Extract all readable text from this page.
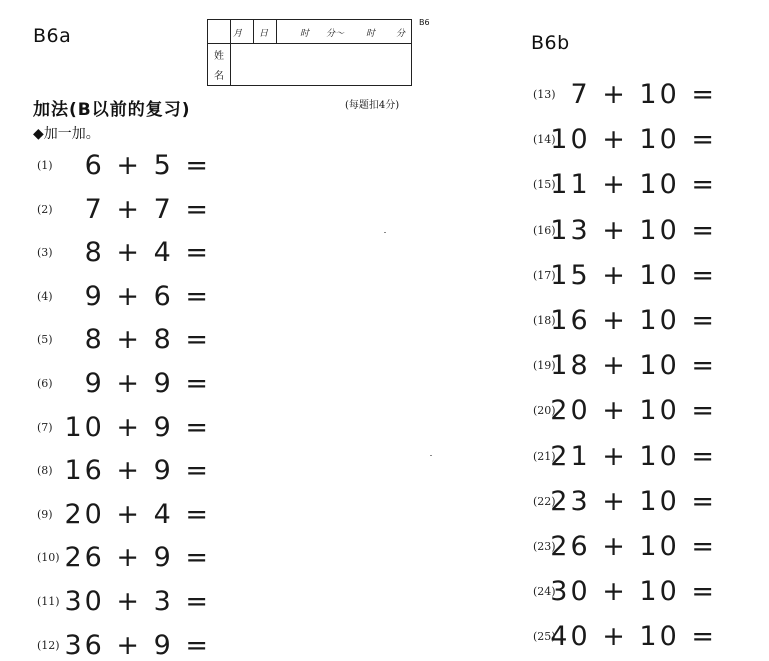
B6a	月 日	时 分～ 时 分
姓
名
B6
加法(B以前的复习)	(每题扣4分)
◆加一加。
(1) 6 + 5 =
(2) 7 + 7 =
(3) 8 + 4 =
(4) 9 + 6 =
(5) 8 + 8 =
(6) 9 + 9 =
(7) 10 + 9 =
(8) 16 + 9 =
(9) 20 + 4 =
(10) 26 + 9 =
(11) 30 + 3 =
(12) 36 + 9 =
B6b
(13) 7 + 10 =
(14)
10 + 10 =
(15)
11 + 10 =
(16)
13 + 10 =
(17)
15 + 10 =
(18)
16 + 10 =
(19)
18 + 10 =
(20)
20 + 10 =
(21)
21 + 10 =
(22)
23 + 10 =
(23)
26 + 10 =
(24)
30 + 10 =
(25)
40 + 10 =
